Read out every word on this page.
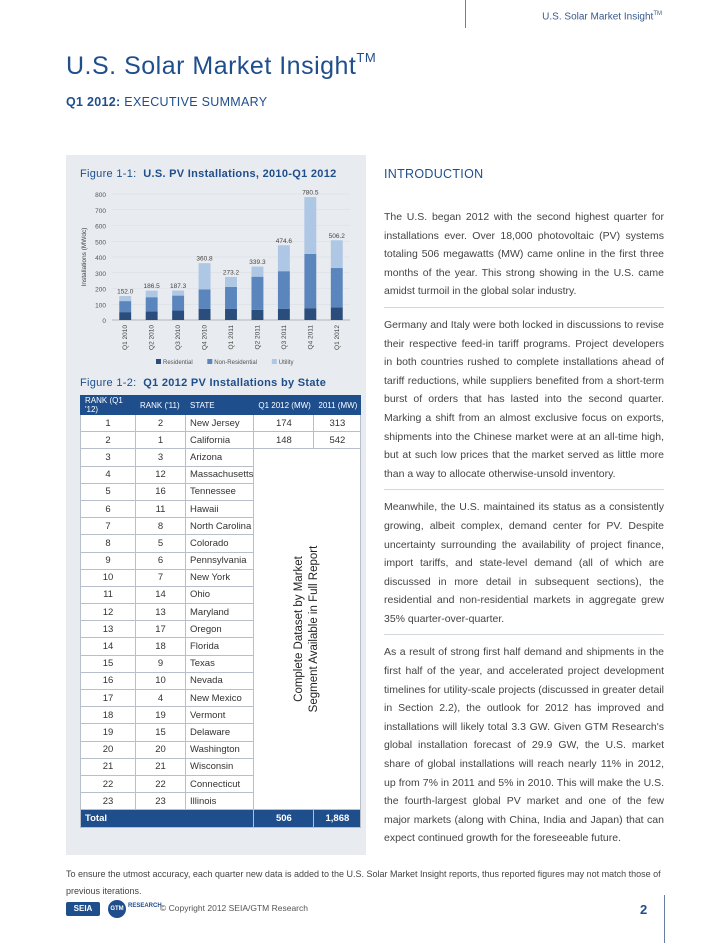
U.S. Solar Market Insight™
U.S. Solar Market Insight™
Q1 2012: EXECUTIVE SUMMARY
Figure 1-1: U.S. PV Installations, 2010-Q1 2012
0
100
200
300
400
500
600
700
800
Installations (MWdc)
152.0
Q1 2010
186.5
Q2 2010
187.3
Q3 2010
360.8
Q4 2010
273.2
Q1 2011
339.3
Q2 2011
474.6
Q3 2011
780.5
Q4 2011
506.2
Q1 2012
Residential	Non-Residential	Utility
Figure 1-2: Q1 2012 PV Installations by State
RANK (Q1 '12)	RANK ('11)	STATE	Q1 2012 (MW)	2011 (MW)
1	2	New Jersey	174	313
2	1	California	148	542
3	3	Arizona	Complete Dataset by Market Segment Available in Full Report	

4	12	Massachusetts		
5	16	Tennessee		
6	11	Hawaii		
7	8	North Carolina		
8	5	Colorado		
9	6	Pennsylvania		
10	7	New York		
11	14	Ohio		
12	13	Maryland		
13	17	Oregon		
14	18	Florida		
15	9	Texas		
16	10	Nevada		
17	4	New Mexico		
18	19	Vermont		
19	15	Delaware		
20	20	Washington		
21	21	Wisconsin		
22	22	Connecticut		
23	23	Illinois		
Total			506	1,868
INTRODUCTION

The U.S. began 2012 with the second highest quarter for installations ever. Over 18,000 photovoltaic (PV) systems totaling 506 megawatts (MW) came online in the first three months of the year. This strong showing in the U.S. came amidst turmoil in the global solar industry.

Germany and Italy were both locked in discussions to revise their respective feed-in tariff programs. Project developers in both countries rushed to complete installations ahead of tariff reductions, while suppliers benefited from a short-term burst of orders that has lasted into the second quarter. Marking a shift from an almost exclusive focus on exports, shipments into the Chinese market were at an all-time high, but at such low prices that the market served as little more than a way to allocate otherwise-unsold inventory.

Meanwhile, the U.S. maintained its status as a consistently growing, albeit complex, demand center for PV. Despite uncertainty surrounding the availability of project finance, import tariffs, and state-level demand (all of which are discussed in more detail in subsequent sections), the residential and non-residential markets in aggregate grew 35% quarter-over-quarter.

As a result of strong first half demand and shipments in the first half of the year, and accelerated project development timelines for utility-scale projects (discussed in greater detail in Section 2.2), the outlook for 2012 has improved and installations will likely total 3.3 GW. Given GTM Research's global installation forecast of 29.9 GW, the U.S. market share of global installations will reach nearly 11% in 2012, up from 7% in 2011 and 5% in 2010. This will make the U.S. the fourth-largest global PV market and one of the few major markets (along with China, India and Japan) that can expect continued growth for the foreseeable future.

To ensure the utmost accuracy, each quarter new data is added to the U.S. Solar Market Insight reports, thus reported figures may not match those of previous iterations.
SEIA	GTM RESEARCH
© Copyright 2012 SEIA/GTM Research	2
